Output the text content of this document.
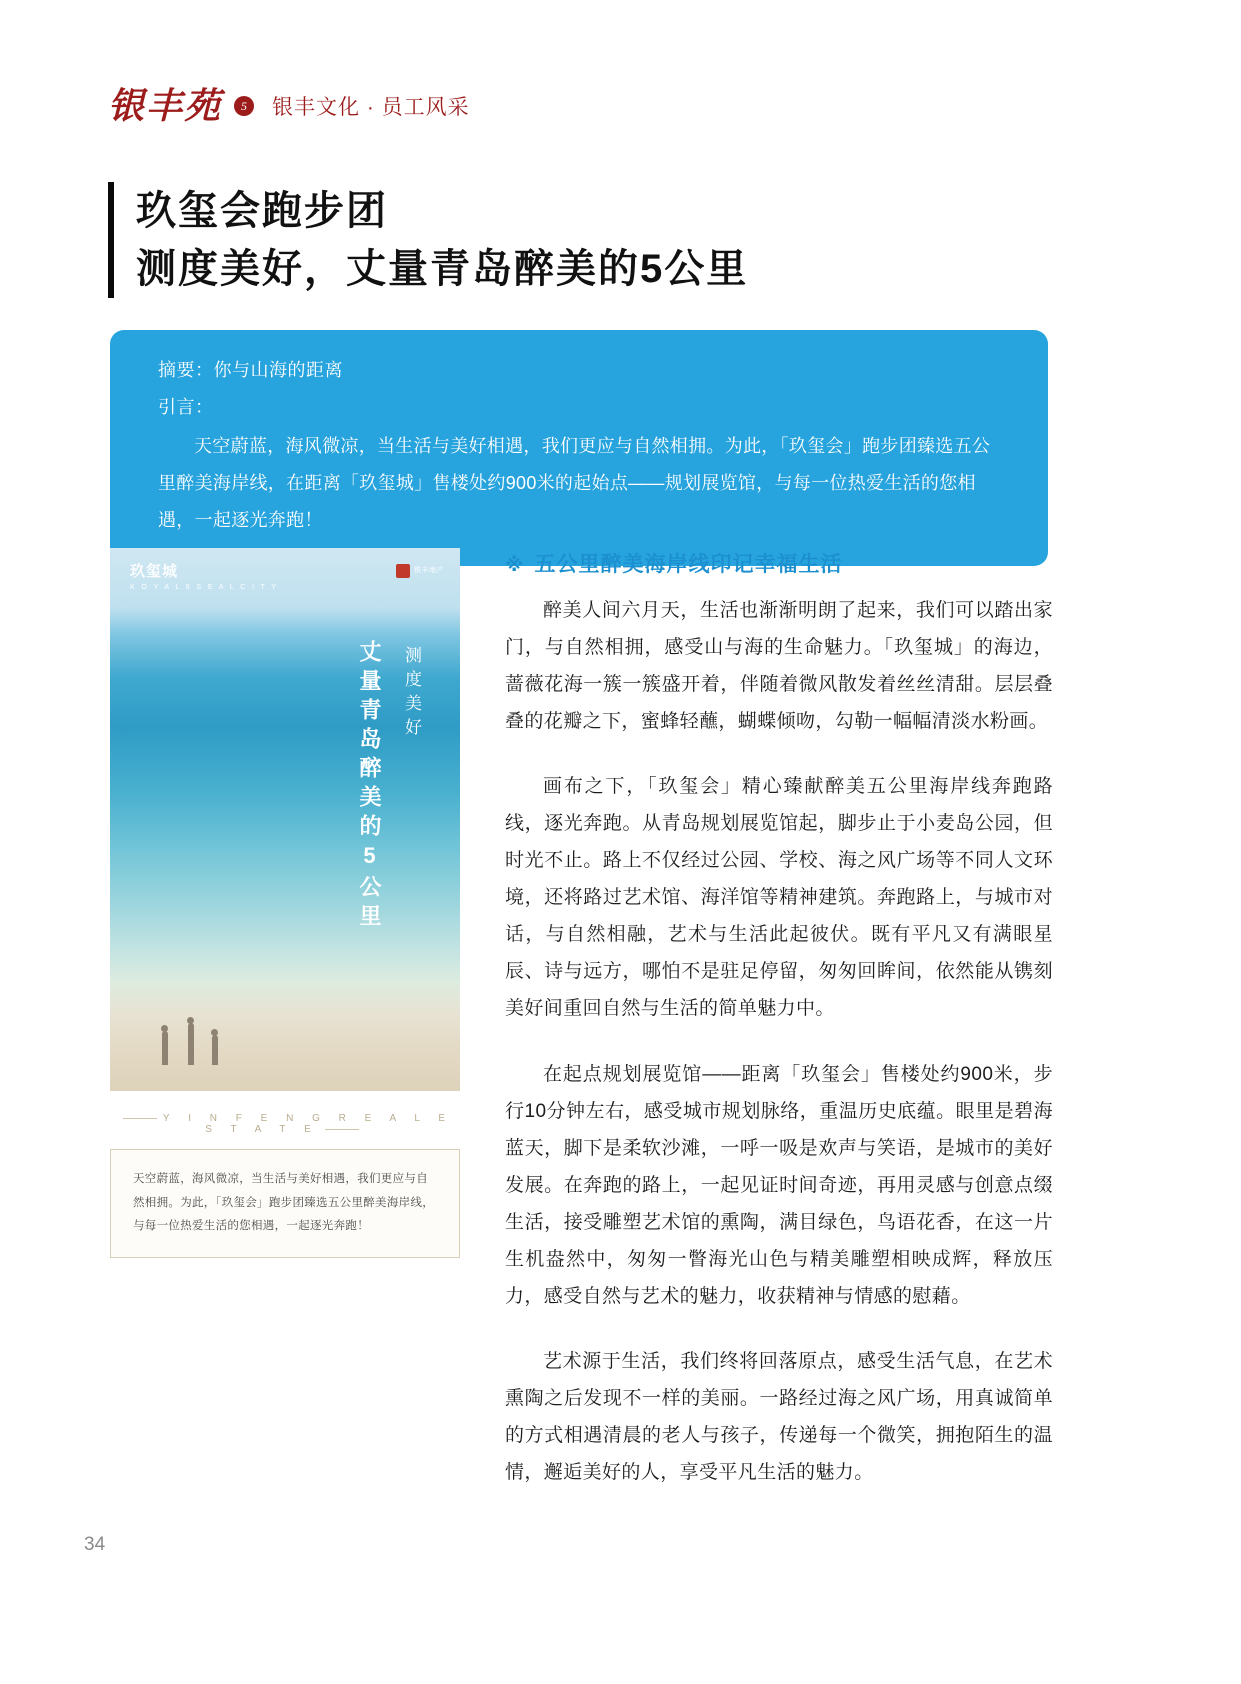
银丰苑	5	银丰文化 · 员工风采
玖玺会跑步团
测度美好，丈量青岛醉美的5公里
摘要：你与山海的距离
引言：
天空蔚蓝，海风微凉，当生活与美好相遇，我们更应与自然相拥。为此，「玖玺会」跑步团臻选五公里醉美海岸线，在距离「玖玺城」售楼处约900米的起始点——规划展览馆，与每一位热爱生活的您相遇，一起逐光奔跑！
玖玺城
K O Y A L 8 S E A L C I T Y
银丰地产
丈量青岛醉美的5公里 测度美好
Y I N F E N G R E A L E S T A T E
天空蔚蓝，海风微凉，当生活与美好相遇，我们更应与自然相拥。为此，「玖玺会」跑步团臻选五公里醉美海岸线，与每一位热爱生活的您相遇，一起逐光奔跑！
※ 五公里醉美海岸线印记幸福生活

醉美人间六月天，生活也渐渐明朗了起来，我们可以踏出家门，与自然相拥，感受山与海的生命魅力。「玖玺城」的海边，蔷薇花海一簇一簇盛开着，伴随着微风散发着丝丝清甜。层层叠叠的花瓣之下，蜜蜂轻蘸，蝴蝶倾吻，勾勒一幅幅清淡水粉画。

画布之下，「玖玺会」精心臻献醉美五公里海岸线奔跑路线，逐光奔跑。从青岛规划展览馆起，脚步止于小麦岛公园，但时光不止。路上不仅经过公园、学校、海之风广场等不同人文环境，还将路过艺术馆、海洋馆等精神建筑。奔跑路上，与城市对话，与自然相融，艺术与生活此起彼伏。既有平凡又有满眼星辰、诗与远方，哪怕不是驻足停留，匆匆回眸间，依然能从镌刻美好间重回自然与生活的简单魅力中。

在起点规划展览馆——距离「玖玺会」售楼处约900米，步行10分钟左右，感受城市规划脉络，重温历史底蕴。眼里是碧海蓝天，脚下是柔软沙滩，一呼一吸是欢声与笑语，是城市的美好发展。在奔跑的路上，一起见证时间奇迹，再用灵感与创意点缀生活，接受雕塑艺术馆的熏陶，满目绿色，鸟语花香，在这一片生机盎然中，匆匆一瞥海光山色与精美雕塑相映成辉，释放压力，感受自然与艺术的魅力，收获精神与情感的慰藉。

艺术源于生活，我们终将回落原点，感受生活气息，在艺术熏陶之后发现不一样的美丽。一路经过海之风广场，用真诚简单的方式相遇清晨的老人与孩子，传递每一个微笑，拥抱陌生的温情，邂逅美好的人，享受平凡生活的魅力。

34
